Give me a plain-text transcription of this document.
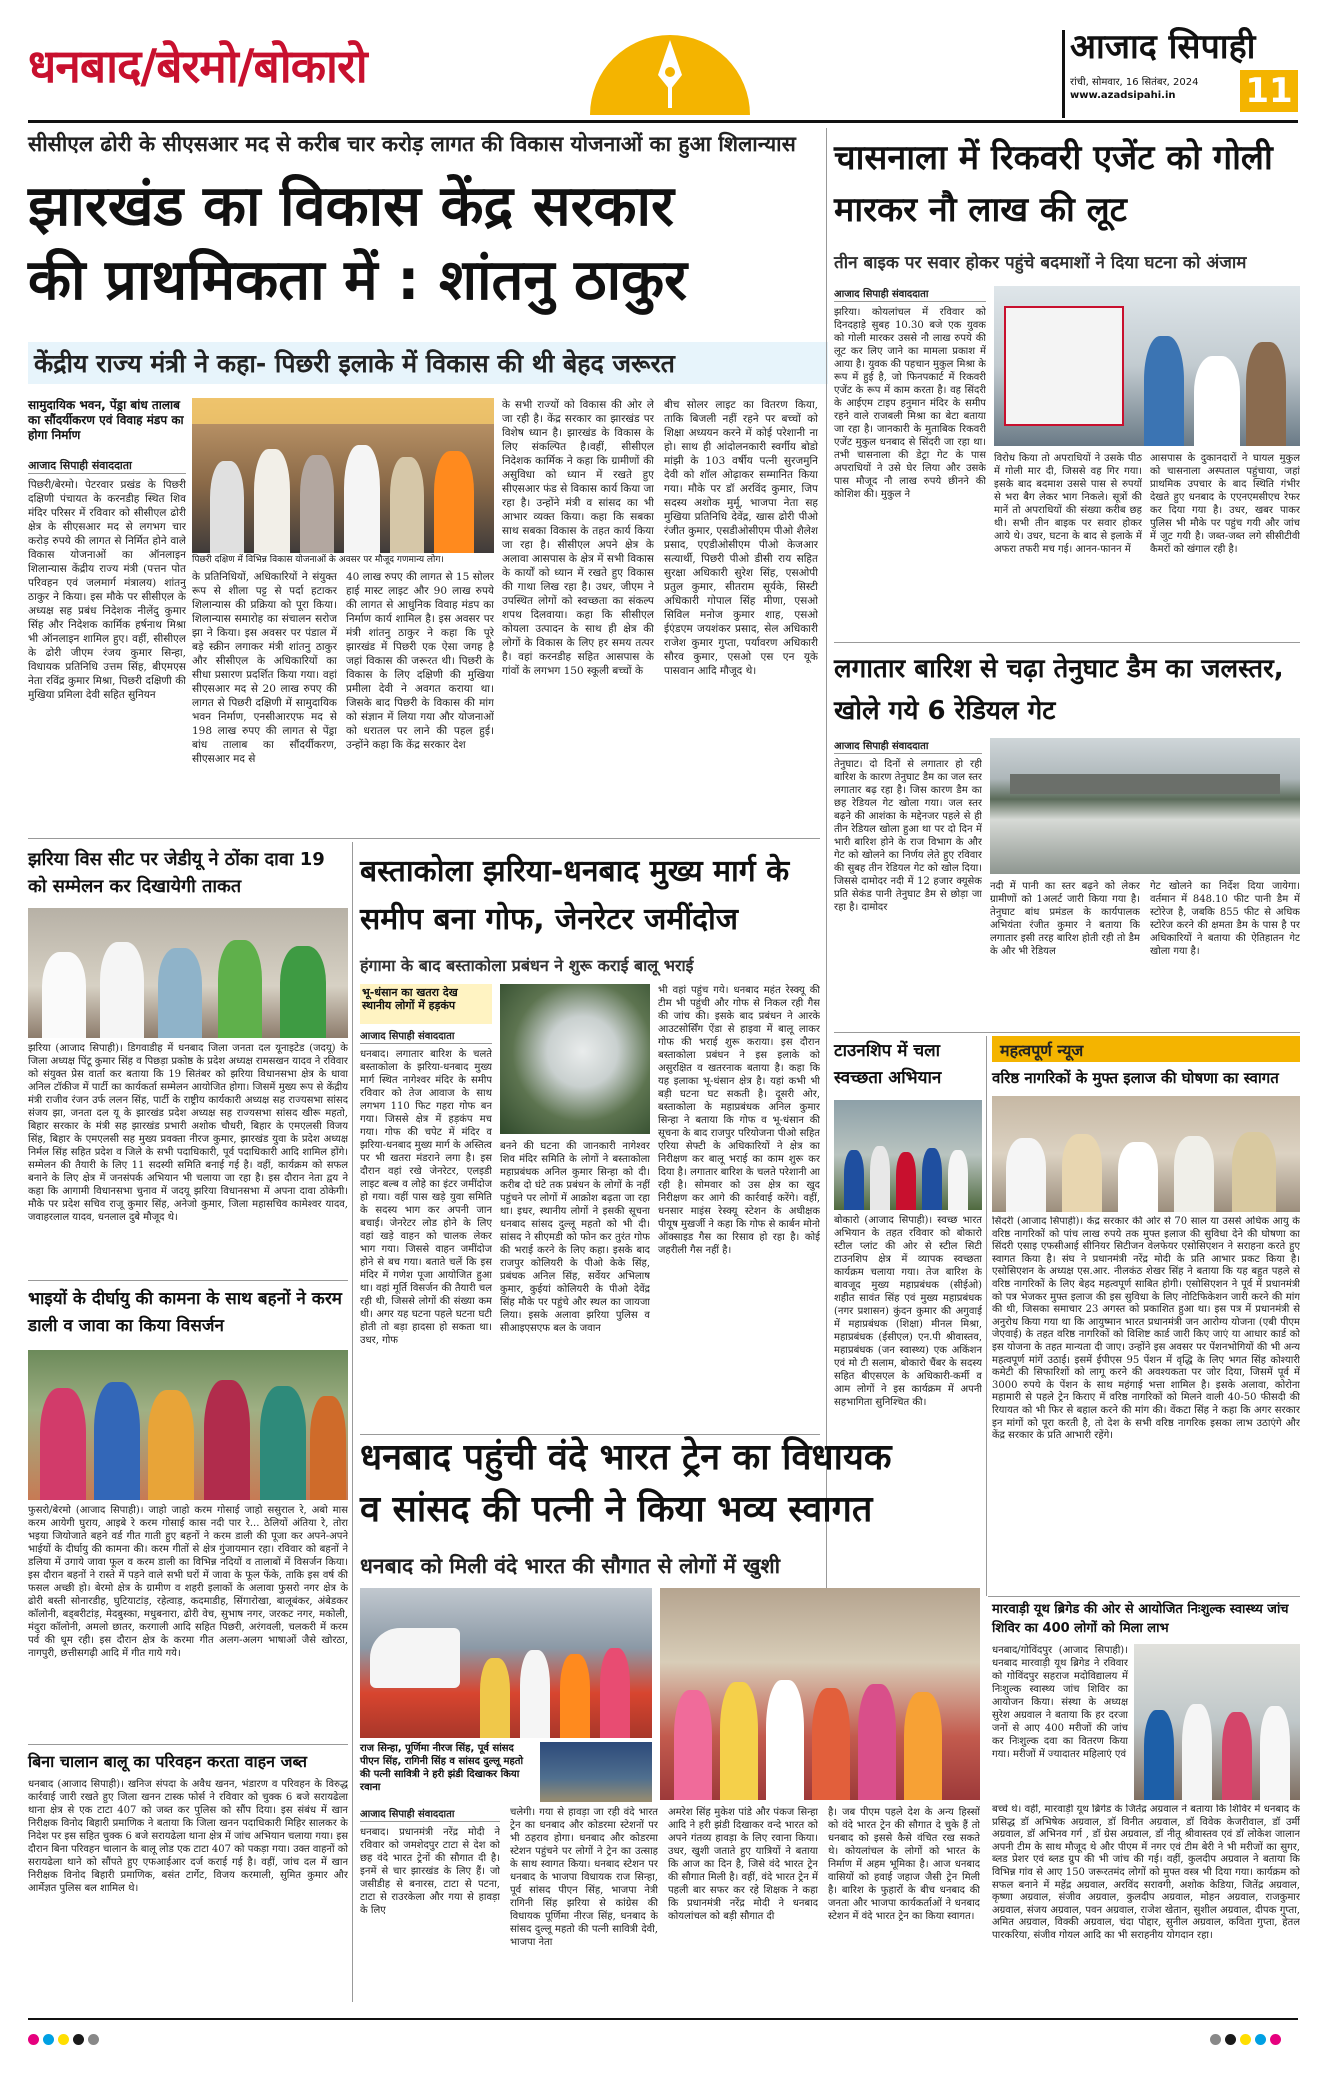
धनबाद/बेरमो/बोकारो	आजाद सिपाही
रांची, सोमवार, 16 सितंबर, 2024
www.azadsipahi.in	11
सीसीएल ढोरी के सीएसआर मद से करीब चार करोड़ लागत की विकास योजनाओं का हुआ शिलान्यास
झारखंड का विकास केंद्र सरकार
की प्राथमिकता में : शांतनु ठाकुर
केंद्रीय राज्य मंत्री ने कहा- पिछरी इलाके में विकास की थी बेहद जरूरत
सामुदायिक भवन, पेंड्रा बांध तालाब का सौंदर्यीकरण एवं विवाह मंडप का होगा निर्माण
आजाद सिपाही संवाददाता
पिछरी दक्षिण में विभिन्न विकास योजनाओं के अवसर पर मौजूद गणमान्य लोग।
पिछरी/बेरमो। पेटरवार प्रखंड के पिछरी दक्षिणी पंचायत के करनडीह स्थित शिव मंदिर परिसर में रविवार को सीसीएल ढोरी क्षेत्र के सीएसआर मद से लगभग चार करोड़ रुपये की लागत से निर्मित होने वाले विकास योजनाओं का ऑनलाइन शिलान्यास केंद्रीय राज्य मंत्री (पत्तन पोत परिवहन एवं जलमार्ग मंत्रालय) शांतनु ठाकुर ने किया। इस मौके पर सीसीएल के अध्यक्ष सह प्रबंध निदेशक नीलेंदु कुमार सिंह और निदेशक कार्मिक हर्षनाथ मिश्रा भी ऑनलाइन शामिल हुए। वहीं, सीसीएल के ढोरी जीएम रंजय कुमार सिन्हा, विधायक प्रतिनिधि उत्तम सिंह, बीएमएस नेता रविंद्र कुमार मिश्रा, पिछरी दक्षिणी की मुखिया प्रमिला देवी सहित सुनियन
के प्रतिनिधियों, अधिकारियों ने संयुक्त रूप से शीला पट्ट से पर्दा हटाकर शिलान्यास की प्रक्रिया को पूरा किया। शिलान्यास समारोह का संचालन सरोज झा ने किया। इस अवसर पर पंडाल में बड़े स्क्रीन लगाकर मंत्री शांतनु ठाकुर और सीसीएल के अधिकारियों का सीधा प्रसारण प्रदर्शित किया गया। वहां सीएसआर मद से 20 लाख रुपए की लागत से पिछरी दक्षिणी में सामुदायिक भवन निर्माण, एनसीआरएफ मद से 198 लाख रुपए की लागत से पेंड्रा बांध तालाब का सौंदर्यीकरण, सीएसआर मद से
40 लाख रुपए की लागत से 15 सोलर हाई मास्ट लाइट और 90 लाख रुपये की लागत से आधुनिक विवाह मंडप का निर्माण कार्य शामिल है। इस अवसर पर मंत्री शांतनु ठाकुर ने कहा कि पूरे झारखंड में पिछरी एक ऐसा जगह है जहां विकास की जरूरत थी। पिछरी के विकास के लिए दक्षिणी की मुखिया प्रमीला देवी ने अवगत कराया था। जिसके बाद पिछरी के विकास की मांग को संज्ञान में लिया गया और योजनाओं को धरातल पर लाने की पहल हुई। उन्होंने कहा कि केंद्र सरकार देश
के सभी राज्यों को विकास की ओर ले जा रही है। केंद्र सरकार का झारखंड पर विशेष ध्यान है। झारखंड के विकास के लिए संकल्पित है।वहीं, सीसीएल निदेशक कार्मिक ने कहा कि ग्रामीणों की असुविधा को ध्यान में रखते हुए सीएसआर फंड से विकास कार्य किया जा रहा है। उन्होंने मंत्री व सांसद का भी आभार व्यक्त किया। कहा कि सबका साथ सबका विकास के तहत कार्य किया जा रहा है। सीसीएल अपने क्षेत्र के अलावा आसपास के क्षेत्र में सभी विकास के कार्यों को ध्यान में रखते हुए विकास की गाथा लिख रहा है। उधर, जीएम ने उपस्थित लोगों को स्वच्छता का संकल्प शपथ दिलवाया। कहा कि सीसीएल कोयला उत्पादन के साथ ही क्षेत्र की लोगों के विकास के लिए हर समय तत्पर है। वहां करनडीह सहित आसपास के गांवों के लगभग 150 स्कूली बच्चों के
बीच सोलर लाइट का वितरण किया, ताकि बिजली नहीं रहने पर बच्चों को शिक्षा अध्ययन करने में कोई परेशानी ना हो। साथ ही आंदोलनकारी स्वर्गीय बोडो मांझी के 103 वर्षीय पत्नी सुरजमुनि देवी को शॉल ओढ़ाकर सम्मानित किया गया। मौके पर डॉ अरविंद कुमार, जिप सदस्य अशोक मुर्मू, भाजपा नेता सह मुखिया प्रतिनिधि देवेंद्र, खास ढोरी पीओ रंजीत कुमार, एसडीओसीएम पीओ शैलेश प्रसाद, एएडीओसीएम पीओ केजआर सत्यार्थी, पिछरी पीओ डीसी राय सहित सुरक्षा अधिकारी सुरेश सिंह, एसओपी प्रतुल कुमार, सीतराम सूर्यके, सिस्टी अधिकारी गोपाल सिंह मीणा, एसओ सिविल मनोज कुमार शाह, एसओ ईएंडएम जयशंकर प्रसाद, सेल अधिकारी राजेश कुमार गुप्ता, पर्यावरण अधिकारी सौरव कुमार, एसओ एस एन यूके पासवान आदि मौजूद थे।
झरिया विस सीट पर जेडीयू ने ठोंका दावा 19 को सम्मेलन कर दिखायेगी ताकत
झरिया (आजाद सिपाही)। डिगवाडीह में धनबाद जिला जनता दल यूनाइटेड (जदयू) के जिला अध्यक्ष पिंटू कुमार सिंह व पिछड़ा प्रकोष्ठ के प्रदेश अध्यक्ष रामसखन यादव ने रविवार को संयुक्त प्रेस वार्ता कर बताया कि 19 सितंबर को झरिया विधानसभा क्षेत्र के धावा अनिल टॉकीज में पार्टी का कार्यकर्ता सम्मेलन आयोजित होगा। जिसमें मुख्य रूप से केंद्रीय मंत्री राजीव रंजन उर्फ ललन सिंह, पार्टी के राष्ट्रीय कार्यकारी अध्यक्ष सह राज्यसभा सांसद संजय झा, जनता दल यू के झारखंड प्रदेश अध्यक्ष सह राज्यसभा सांसद खीरू महतो, बिहार सरकार के मंत्री सह झारखंड प्रभारी अशोक चौधरी, बिहार के एमएलसी विजय सिंह, बिहार के एमएलसी सह मुख्य प्रवक्ता नीरज कुमार, झारखंड युवा के प्रदेश अध्यक्ष निर्मल सिंह सहित प्रदेश व जिले के सभी पदाधिकारी, पूर्व पदाधिकारी आदि शामिल होंगे। सम्मेलन की तैयारी के लिए 11 सदस्यी समिति बनाई गई है। वहीं, कार्यक्रम को सफल बनाने के लिए क्षेत्र में जनसंपर्क अभियान भी चलाया जा रहा है। इस दौरान नेता द्वय ने कहा कि आगामी विधानसभा चुनाव में जदयू झरिया विधानसभा में अपना दावा ठोकेगी। मौके पर प्रदेश सचिव राजू कुमार सिंह, अनेजो कुमार, जिला महासचिव कामेश्वर यादव, जवाहरलाल यादव, धनलाल दुबे मौजूद थे।
भाइयों के दीर्घायु की कामना के साथ बहनों ने करम डाली व जावा का किया विसर्जन
फुसरो/बेरमो (आजाद सिपाही)। जाहो जाहो करम गोसाई जाहो ससुराल रे, अबो मास करम आयेगी घुराय, आइबे रे करम गोसाई कास नदी पार रे... ठेलियों अंतिया रे, तोरा भइया जियोजाते बहने वर्ड गीत गाती हुए बहनों ने करम डाली की पूजा कर अपने-अपने भाईयों के दीर्घायु की कामना की। करम गीतों से क्षेत्र गुंजायमान रहा। रविवार को बहनों ने डलिया में उगाये जावा फूल व करम डाली का विभिन्न नदियों व तालाबों में विसर्जन किया। इस दौरान बहनों ने रास्ते में पड़ने वाले सभी घरों में जावा के फूल फेंके, ताकि इस वर्ष की फसल अच्छी हो। बेरमो क्षेत्र के ग्रामीण व शहरी इलाकों के अलावा फुसरो नगर क्षेत्र के ढोरी बस्ती सोनारडीह, घुटियाटांड़, रहेत्वाड़, कदमाडीह, सिंगारोखा, बालूबंकर, अंबेडकर कॉलोनी, बड्बरीटांड़, मेदबुस्का, मधुबनारा, ढोरी वेच, सुभाष नगर, जरकट नगर, मकोली, मंदुरा कॉलोनी, अमलो छातर, करगाली आदि सहित पिछरी, अरंगवली, चलकरी में करम पर्व की धूम रही। इस दौरान क्षेत्र के करमा गीत अलग-अलग भाषाओं जैसे खोरठा, नागपुरी, छत्तीसगढ़ी आदि में गीत गाये गये।
बिना चालान बालू का परिवहन करता वाहन जब्त
धनबाद (आजाद सिपाही)। खनिज संपदा के अवैध खनन, भंडारण व परिवहन के विरुद्ध कार्रवाई जारी रखते हुए जिला खनन टास्क फोर्स ने रविवार को चुक्क 6 बजे सरायढेला थाना क्षेत्र से एक टाटा 407 को जब्त कर पुलिस को सौंप दिया। इस संबंध में खान निरीक्षक विनोद बिहारी प्रमाणिक ने बताया कि जिला खनन पदाधिकारी मिहिर सालकर के निदेश पर इस सहित चुक्क 6 बजे सरायढेला थाना क्षेत्र में जांच अभियान चलाया गया। इस दौरान बिना परिवहन चालान के बालू लोड एक टाटा 407 को पकड़ा गया। उक्त वाहनों को सरायढेला थाने को सौंपते हुए एफआईआर दर्ज कराई गई है। वहीं, जांच दल में खान निरीक्षक विनोद बिहारी प्रमाणिक, बसंत टार्गेट, विजय करमाली, सुमित कुमार और आर्मेज्ञत पुलिस बल शामिल थे।
बस्ताकोला झरिया-धनबाद मुख्य मार्ग के समीप बना गोफ, जेनरेटर जमींदोज
हंगामा के बाद बस्ताकोला प्रबंधन ने शुरू कराई बालू भराई
भू-धंसान का खतरा देख स्थानीय लोगों में हड़कंप
आजाद सिपाही संवाददाता
धनबाद। लगातार बारिश के चलते बस्ताकोला के झरिया-धनबाद मुख्य मार्ग स्थित नागेश्वर मंदिर के समीप रविवार को तेज आवाज के साथ लगभग 110 फिट गहरा गोफ बन गया। जिससे क्षेत्र में हड़कंप मच गया। गोफ की चपेट में मंदिर व झरिया-धनबाद मुख्य मार्ग के अस्तित्व पर भी खतरा मंडराने लगा है। इस दौरान वहां रखे जेनरेटर, एलइडी लाइट बल्ब व लोहे का इंटर जमींदोज हो गया। वहीं पास खड़े युवा समिति के सदस्य भाग कर अपनी जान बचाई। जेनरेटर लोड होने के लिए वहां खड़े वाहन को चालक लेकर भाग गया। जिससे वाहन जमींदोज होने से बच गया। बताते चलें कि इस मंदिर में गणेश पूजा आयोजित हुआ था। वहां मूर्ति विसर्जन की तैयारी चल रही थी, जिससे लोगों की संख्या कम थी। अगर यह घटना पहले घटना घटी होती तो बड़ा हादसा हो सकता था। उधर, गोफ
बनने की घटना की जानकारी नागेश्वर शिव मंदिर समिति के लोगों ने बस्ताकोला महाप्रबंधक अनिल कुमार सिन्हा को दी। करीब दो घंटे तक प्रबंधन के लोगों के नहीं पहुंचने पर लोगों में आक्रोश बढ़ता जा रहा था। इधर, स्थानीय लोगों ने इसकी सूचना धनबाद सांसद दुल्लू महतो को भी दी। सांसद ने सीएमडी को फोन कर तुरंत गोफ की भराई करने के लिए कहा। इसके बाद राजपुर कोलियरी के पीओ केके सिंह, प्रबंधक अनिल सिंह, सर्वेयर अभिलाष कुमार, कुईयां कोलियरी के पीओ देवेंद्र सिंह मौके पर पहुंचे और स्थल का जायजा लिया। इसके अलावा झरिया पुलिस व सीआइएसएफ बल के जवान
भी वहां पहुंच गये। धनबाद महंत रेस्क्यू की टीम भी पहुंची और गोफ से निकल रही गैस की जांच की। इसके बाद प्रबंधन ने आरके आउटसोर्सिंग ऐंडा से हाइवा में बालू लाकर गोफ की भराई शुरू कराया। इस दौरान बस्ताकोला प्रबंधन ने इस इलाके को असुरक्षित व खतरनाक बताया है। कहा कि यह इलाका भू-धंसान क्षेत्र है। यहां कभी भी बड़ी घटना घट सकती है। दूसरी ओर, बस्ताकोला के महाप्रबंधक अनिल कुमार सिन्हा ने बताया कि गोफ व भू-धंसान की सूचना के बाद राजपुर परियोजना पीओ सहित एरिया सेफ्टी के अधिकारियों ने क्षेत्र का निरीक्षण कर बालू भराई का काम शुरू कर दिया है। लगातार बारिश के चलते परेशानी आ रही है। सोमवार को उस क्षेत्र का खुद निरीक्षण कर आगे की कार्रवाई करेंगे। वहीं, धनसार माइंस रेस्क्यू स्टेशन के अधीक्षक पीयूष मुखर्जी ने कहा कि गोफ से कार्बन मोनो ऑक्साइड गैस का रिसाव हो रहा है। कोई जहरीली गैस नहीं है।
धनबाद पहुंची वंदे भारत ट्रेन का विधायक
व सांसद की पत्नी ने किया भव्य स्वागत
धनबाद को मिली वंदे भारत की सौगात से लोगों में खुशी
राज सिन्हा, पूर्णिमा नीरज सिंह, पूर्व सांसद पीएन सिंह, रागिनी सिंह व सांसद दुल्लू महतो की पत्नी सावित्री ने हरी झंडी दिखाकर किया रवाना
आजाद सिपाही संवाददाता
धनबाद। प्रधानमंत्री नरेंद्र मोदी ने रविवार को जमशेदपुर टाटा से देश को छह वंदे भारत ट्रेनों की सौगात दी है। इनमें से चार झारखंड के लिए हैं। जो जसीडीह से बनारस, टाटा से पटना, टाटा से राउरकेला और गया से हावड़ा के लिए
चलेगी। गया से हावड़ा जा रही वंदे भारत ट्रेन का धनबाद और कोडरमा स्टेशनों पर भी ठहराव होगा। धनबाद और कोडरमा स्टेशन पहुंचने पर लोगों ने ट्रेन का उत्साह के साथ स्वागत किया। धनबाद स्टेशन पर धनबाद के भाजपा विधायक राज सिन्हा, पूर्व सांसद पीएन सिंह, भाजपा नेत्री रागिनी सिंह झरिया से कांग्रेस की विधायक पूर्णिमा नीरज सिंह, धनबाद के सांसद दुल्लू महतो की पत्नी सावित्री देवी, भाजपा नेता
अमरेश सिंह मुकेश पांडे और पंकज सिन्हा आदि ने हरी झंडी दिखाकर वन्दे भारत को अपने गंतव्य हावड़ा के लिए रवाना किया। उधर, खुशी जताते हुए यात्रियों ने बताया कि आज का दिन है, जिसे वंदे भारत ट्रेन की सौगात मिली है। वहीं, वंदे भारत ट्रेन में पहली बार सफर कर रहे शिक्षक ने कहा कि प्रधानमंत्री नरेंद्र मोदी ने धनबाद कोयलांचल को बड़ी सौगात दी
है। जब पीएम पहले देश के अन्य हिस्सों को वंदे भारत ट्रेन की सौगात दे चुके हैं तो धनबाद को इससे कैसे वंचित रख सकते थे। कोयलांचल के लोगों को भारत के निर्माण में अहम भूमिका है। आज धनबाद वासियों को हवाई जहाज जैसी ट्रेन मिली है। बारिश के फुहारों के बीच धनबाद की जनता और भाजपा कार्यकर्ताओं ने धनबाद स्टेशन में वंदे भारत ट्रेन का किया स्वागत।
चासनाला में रिकवरी एजेंट को गोली मारकर नौ लाख की लूट
तीन बाइक पर सवार होकर पहुंचे बदमाशों ने दिया घटना को अंजाम
आजाद सिपाही संवाददाता
झरिया। कोयलांचल में रविवार को दिनदहाड़े सुबह 10.30 बजे एक युवक को गोली मारकर उससे नौ लाख रुपये की लूट कर लिए जाने का मामला प्रकाश में आया है। युवक की पहचान मुकुल मिश्रा के रूप में हुई है, जो फिनपकार्ट में रिकवरी एजेंट के रूप में काम करता है। वह सिंदरी के आईएम टाइप हनुमान मंदिर के समीप रहने वाले राजबली मिश्रा का बेटा बताया जा रहा है। जानकारी के मुताबिक रिकवरी एजेंट मुकुल धनबाद से सिंदरी जा रहा था। तभी चासनाला की डेट्रा गेट के पास अपराधियों ने उसे घेर लिया और उसके पास मौजूद नौ लाख रुपये छीनने की कोशिश की। मुकुल ने
विरोध किया तो अपराधियों ने उसके पीठ में गोली मार दी, जिससे वह गिर गया। इसके बाद बदमाश उससे पास से रुपयों से भरा बैग लेकर भाग निकले। सूत्रों की मानें तो अपराधियों की संख्या करीब छह थी। सभी तीन बाइक पर सवार होकर आये थे। उधर, घटना के बाद से इलाके में अफरा तफरी मच गई। आनन-फानन में
आसपास के दुकानदारों ने घायल मुकुल को चासनाला अस्पताल पहुंचाया, जहां प्राथमिक उपचार के बाद स्थिति गंभीर देखते हुए धनबाद के एएनएमसीएच रेफर कर दिया गया है। उधर, खबर पाकर पुलिस भी मौके पर पहुंच गयी और जांच में जुट गयी है। जब्त-जब्त लगे सीसीटीवी कैमरों को खंगाल रही है।
लगातार बारिश से चढ़ा तेनुघाट डैम का जलस्तर, खोले गये 6 रेडियल गेट
आजाद सिपाही संवाददाता
तेनुघाट। दो दिनों से लगातार हो रही बारिश के कारण तेनुघाट डैम का जल स्तर लगातार बढ़ रहा है। जिस कारण डैम का छह रेडियल गेट खोला गया। जल स्तर बढ़ने की आशंका के मद्देनजर पहले से ही तीन रेडियल खोला हुआ था पर दो दिन में भारी बारिश होने के राज विभाग के और गेट को खोलने का निर्णय लेते हुए रविवार की सुबह तीन रेडियल गेट को खोल दिया। जिससे दामोदर नदी में 12 हजार क्यूसेक प्रति सेकंड पानी तेनुघाट डैम से छोड़ा जा रहा है। दामोदर
नदी में पानी का स्तर बढ़ने को लेकर ग्रामीणों को 1अलर्ट जारी किया गया है। तेनुघाट बांध प्रमंडल के कार्यपालक अभियंता रंजीत कुमार ने बताया कि लगातार इसी तरह बारिश होती रही तो डैम के और भी रेडियल
गेट खोलने का निर्देश दिया जायेगा। वर्तमान में 848.10 फीट पानी डैम में स्टोरेज है, जबकि 855 फीट से अधिक स्टोरेज करने की क्षमता डैम के पास है पर अधिकारियों ने बताया की ऐतिहातन गेट खोला गया है।
टाउनशिप में चला स्वच्छता अभियान
बोकारो (आजाद सिपाही)। स्वच्छ भारत अभियान के तहत रविवार को बोकारो स्टील प्लांट की ओर से स्टील सिटी टाउनशिप क्षेत्र में व्यापक स्वच्छता कार्यक्रम चलाया गया। तेज बारिश के बावजूद मुख्य महाप्रबंधक (सीईओ) शहीत सावंत सिंह एवं मुख्य महाप्रबंधक (नगर प्रशासन) कुंदन कुमार की अगुवाई में महाप्रबंधक (शिक्षा) मीनल मिश्रा, महाप्रबंधक (ईसीएल) एन.पी श्रीवास्तव, महाप्रबंधक (जन स्वास्थ्य) एक अकिंशन एवं मो टी सलाम, बोकारो चैंबर के सदस्य सहित बीएसएल के अधिकारी-कर्मी व आम लोगों ने इस कार्यक्रम में अपनी सहभागिता सुनिश्चित की।
महत्वपूर्ण न्यूज
वरिष्ठ नागरिकों के मुफ्त इलाज की घोषणा का स्वागत
सिंदरी (आजाद सिपाही)। केंद्र सरकार की ओर से 70 साल या उससे अधिक आयु के वरिष्ठ नागरिकों को पांच लाख रुपये तक मुफ्त इलाज की सुविधा देने की घोषणा का सिंदरी एसाइ एफसीआई सीनियर सिटीजन वेलफेयर एसोसिएशन ने सराहना करते हुए स्वागत किया है। संघ ने प्रधानमंत्री नरेंद्र मोदी के प्रति आभार प्रकट किया है। एसोसिएशन के अध्यक्ष एस.आर. नीलकंठ शेखर सिंह ने बताया कि यह बहुत पहले से वरिष्ठ नागरिकों के लिए बेहद महत्वपूर्ण साबित होगी। एसोसिएशन ने पूर्व में प्रधानमंत्री को पत्र भेजकर मुफ्त इलाज की इस सुविधा के लिए नोटिफिकेशन जारी करने की मांग की थी, जिसका समाचार 23 अगस्त को प्रकाशित हुआ था। इस पत्र में प्रधानमंत्री से अनुरोध किया गया था कि आयुष्मान भारत प्रधानमंत्री जन आरोग्य योजना (एबी पीएम जेएवाई) के तहत वरिष्ठ नागरिकों को विशिष्ट कार्ड जारी किए जाएं या आधार कार्ड को इस योजना के तहत मान्यता दी जाए। उन्होंने इस अवसर पर पेंशनभोगियों की भी अन्य महत्वपूर्ण मांगें उठाई। इसमें ईपीएस 95 पेंशन में वृद्धि के लिए भगत सिंह कोश्यारी कमेटी की सिफारिशों को लागू करने की अवश्यकता पर जोर दिया, जिसमें पूर्व में 3000 रुपये के पेंशन के साथ महंगाई भत्ता शामिल है। इसके अलावा, कोरोना महामारी से पहले ट्रेन किराए में वरिष्ठ नागरिकों को मिलने वाली 40-50 फीसदी की रियायत को भी फिर से बहाल करने की मांग की। वेंकटा सिंह ने कहा कि अगर सरकार इन मांगों को पूरा करती है, तो देश के सभी वरिष्ठ नागरिक इसका लाभ उठाएंगे और केंद्र सरकार के प्रति आभारी रहेंगे।
मारवाड़ी यूथ ब्रिगेड की ओर से आयोजित निःशुल्क स्वास्थ्य जांच शिविर का 400 लोगों को मिला लाभ
धनबाद/गोविंदपुर (आजाद सिपाही)। धनबाद मारवाड़ी यूथ ब्रिगेड ने रविवार को गोविंदपुर सहराज मदोविद्यालय में निःशुल्क स्वास्थ्य जांच शिविर का आयोजन किया। संस्था के अध्यक्ष सुरेश अग्रवाल ने बताया कि हर दरजा जनों से आए 400 मरीजों की जांच कर निःशुल्क दवा का वितरण किया गया। मरीजों में ज्यादातर महिलाएं एवं
बच्चे थे। वहीं, मारवाड़ी यूथ ब्रिगेड के जितेंद्र अग्रवाल ने बताया कि शिविर में धनबाद के प्रसिद्ध डॉ अभिषेक अग्रवाल, डॉ विनीत अग्रवाल, डॉ विवेक केजरीवाल, डॉ उर्मी अग्रवाल, डॉ अभिनव गर्ग , डॉ ग्रेस अग्रवाल, डॉ नीतू श्रीवास्तव एवं डॉ लोकेश जालान अपनी टीम के साथ मौजूद थे और पीएम में नगर एवं टीम बेरी ने भी मरीजों का सुगर, ब्लड प्रेशर एवं ब्लड ग्रुप की भी जांच की गई। वहीं, कुलदीप अग्रवाल ने बताया कि विभिन्न गांव से आए 150 जरूरतमंद लोगों को मुफ्त वस्त्र भी दिया गया। कार्यक्रम को सफल बनाने में महेंद्र अग्रवाल, अरविंद सरावगी, अशोक केडिया, जितेंद्र अग्रवाल, कृष्णा अग्रवाल, संजीव अग्रवाल, कुलदीप अग्रवाल, मोहन अग्रवाल, राजकुमार अग्रवाल, संजय अग्रवाल, पवन अग्रवाल, राजेश खेतान, सुशील अग्रवाल, दीपक गुप्ता, अमित अग्रवाल, विक्की अग्रवाल, चंदा पोद्दार, सुनील अग्रवाल, कविता गुप्ता, हेतल पारकरिया, संजीव गोयल आदि का भी सराहनीय योगदान रहा।
